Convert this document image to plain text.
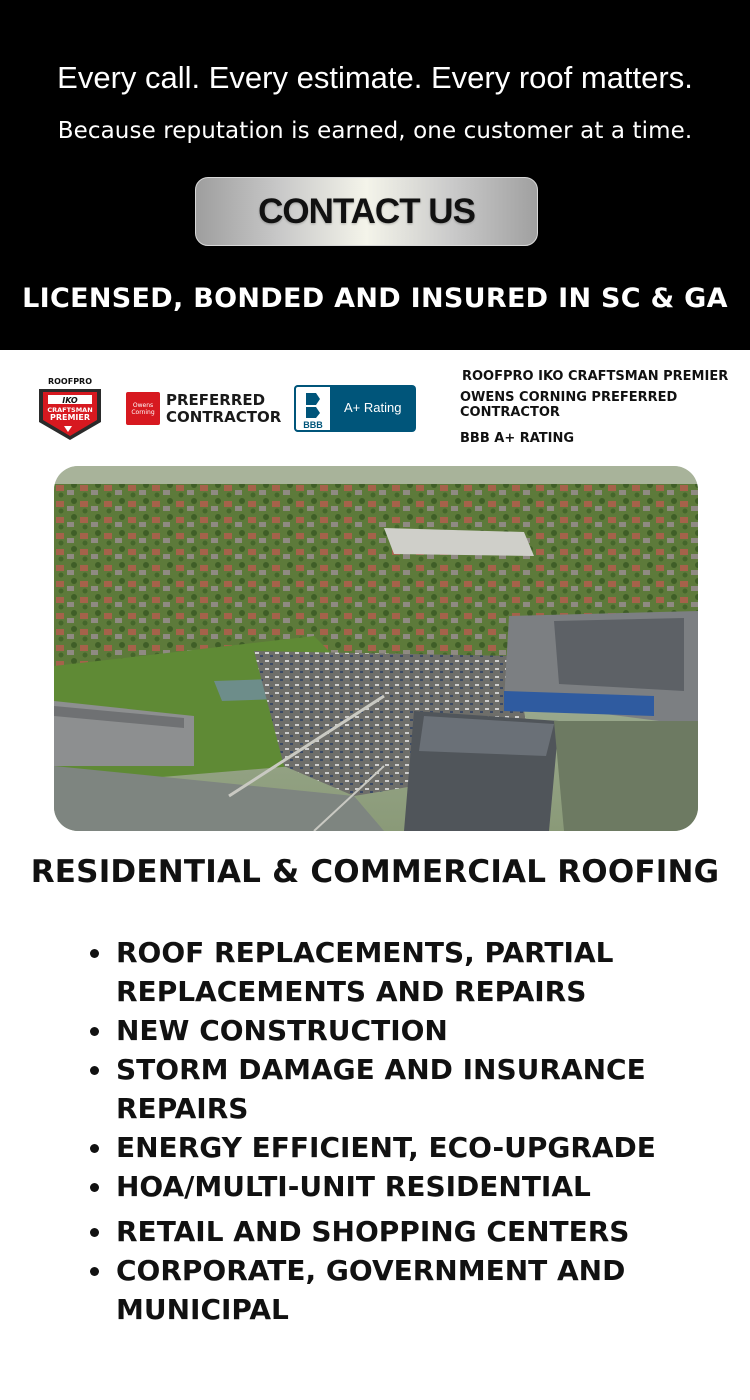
Every call. Every estimate. Every roof matters.
Because reputation is earned, one customer at a time.
CONTACT US
LICENSED, BONDED AND INSURED IN SC & GA
ROOFPRO
IKO
CRAFTSMAN
PREMIER
Owens
Corning
PREFERRED
CONTRACTOR BBB
A+ Rating
ROOFPRO IKO CRAFTSMAN PREMIER
OWENS CORNING PREFERRED CONTRACTOR
BBB A+ RATING
RESIDENTIAL & COMMERCIAL ROOFING
ROOF REPLACEMENTS, PARTIAL REPLACEMENTS AND REPAIRS
NEW CONSTRUCTION
STORM DAMAGE AND INSURANCE REPAIRS
ENERGY EFFICIENT, ECO-UPGRADE
HOA/MULTI-UNIT RESIDENTIAL
RETAIL AND SHOPPING CENTERS
CORPORATE, GOVERNMENT AND MUNICIPAL
